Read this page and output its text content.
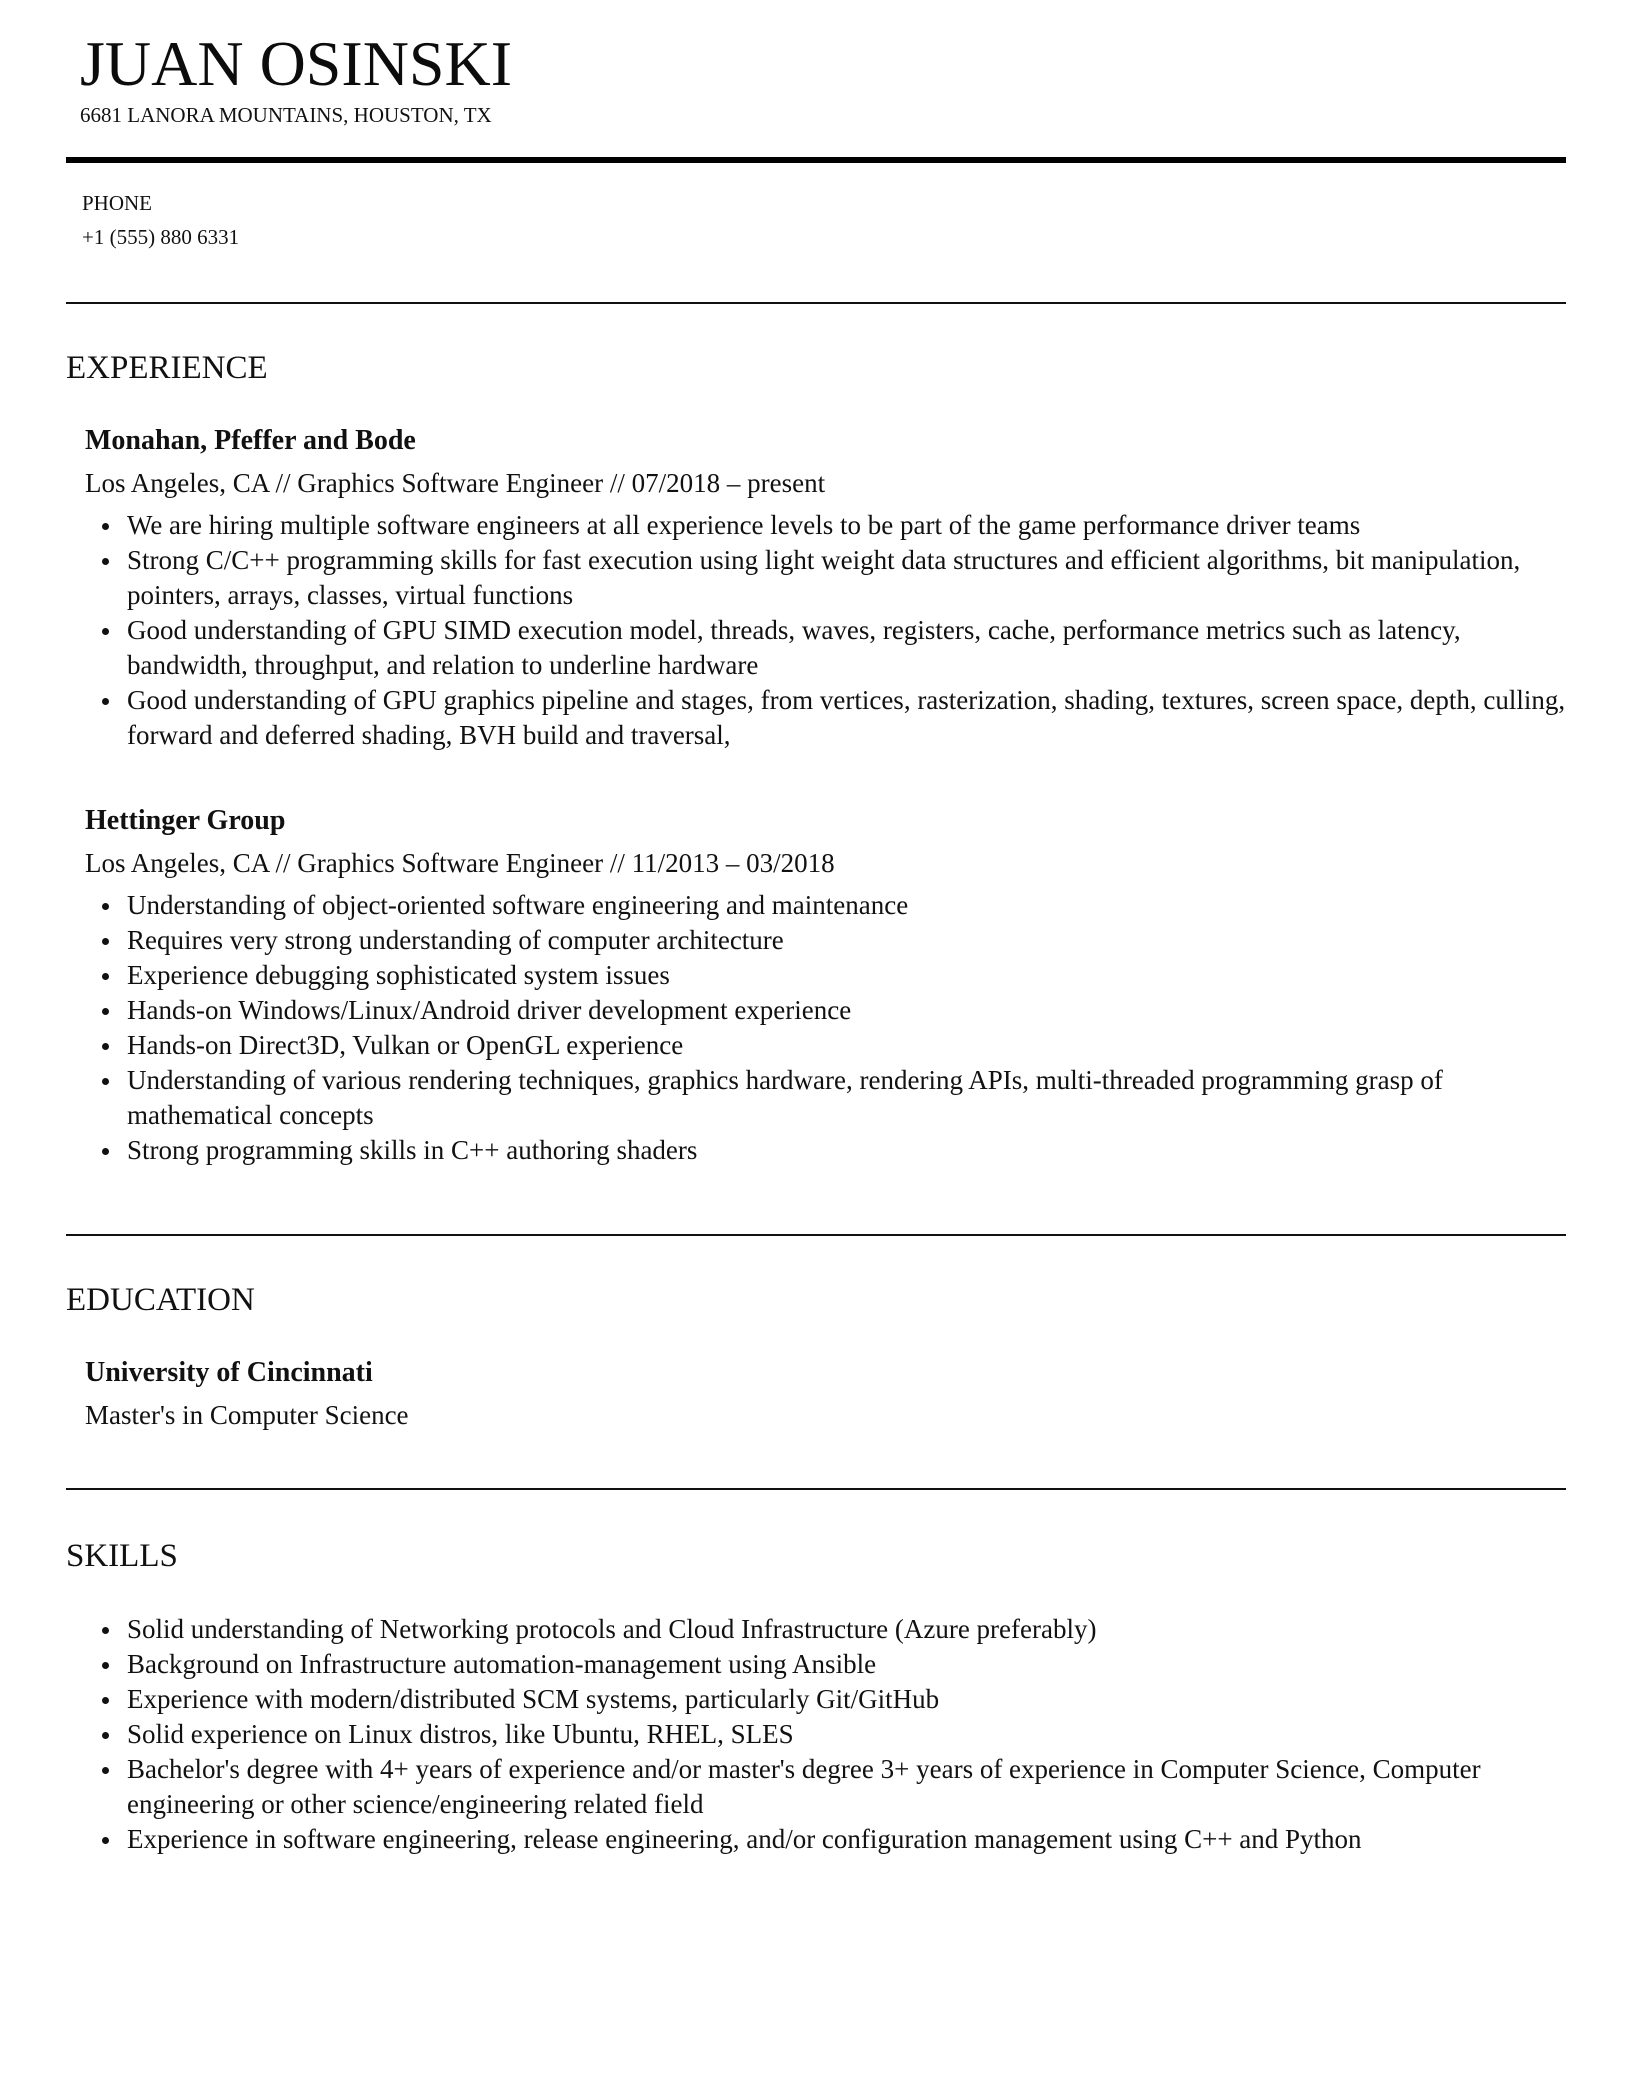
JUAN OSINSKI
6681 LANORA MOUNTAINS, HOUSTON, TX
PHONE
+1 (555) 880 6331
EXPERIENCE
Monahan, Pfeffer and Bode
Los Angeles, CA // Graphics Software Engineer // 07/2018 – present
We are hiring multiple software engineers at all experience levels to be part of the game performance driver teams
Strong C/C++ programming skills for fast execution using light weight data structures and efficient algorithms, bit manipulation, pointers, arrays, classes, virtual functions
Good understanding of GPU SIMD execution model, threads, waves, registers, cache, performance metrics such as latency, bandwidth, throughput, and relation to underline hardware
Good understanding of GPU graphics pipeline and stages, from vertices, rasterization, shading, textures, screen space, depth, culling, forward and deferred shading, BVH build and traversal,
Hettinger Group
Los Angeles, CA // Graphics Software Engineer // 11/2013 – 03/2018
Understanding of object-oriented software engineering and maintenance
Requires very strong understanding of computer architecture
Experience debugging sophisticated system issues
Hands-on Windows/Linux/Android driver development experience
Hands-on Direct3D, Vulkan or OpenGL experience
Understanding of various rendering techniques, graphics hardware, rendering APIs, multi-threaded programming grasp of mathematical concepts
Strong programming skills in C++ authoring shaders
EDUCATION
University of Cincinnati
Master's in Computer Science
SKILLS
Solid understanding of Networking protocols and Cloud Infrastructure (Azure preferably)
Background on Infrastructure automation-management using Ansible
Experience with modern/distributed SCM systems, particularly Git/GitHub
Solid experience on Linux distros, like Ubuntu, RHEL, SLES
Bachelor's degree with 4+ years of experience and/or master's degree 3+ years of experience in Computer Science, Computer engineering or other science/engineering related field
Experience in software engineering, release engineering, and/or configuration management using C++ and Python
